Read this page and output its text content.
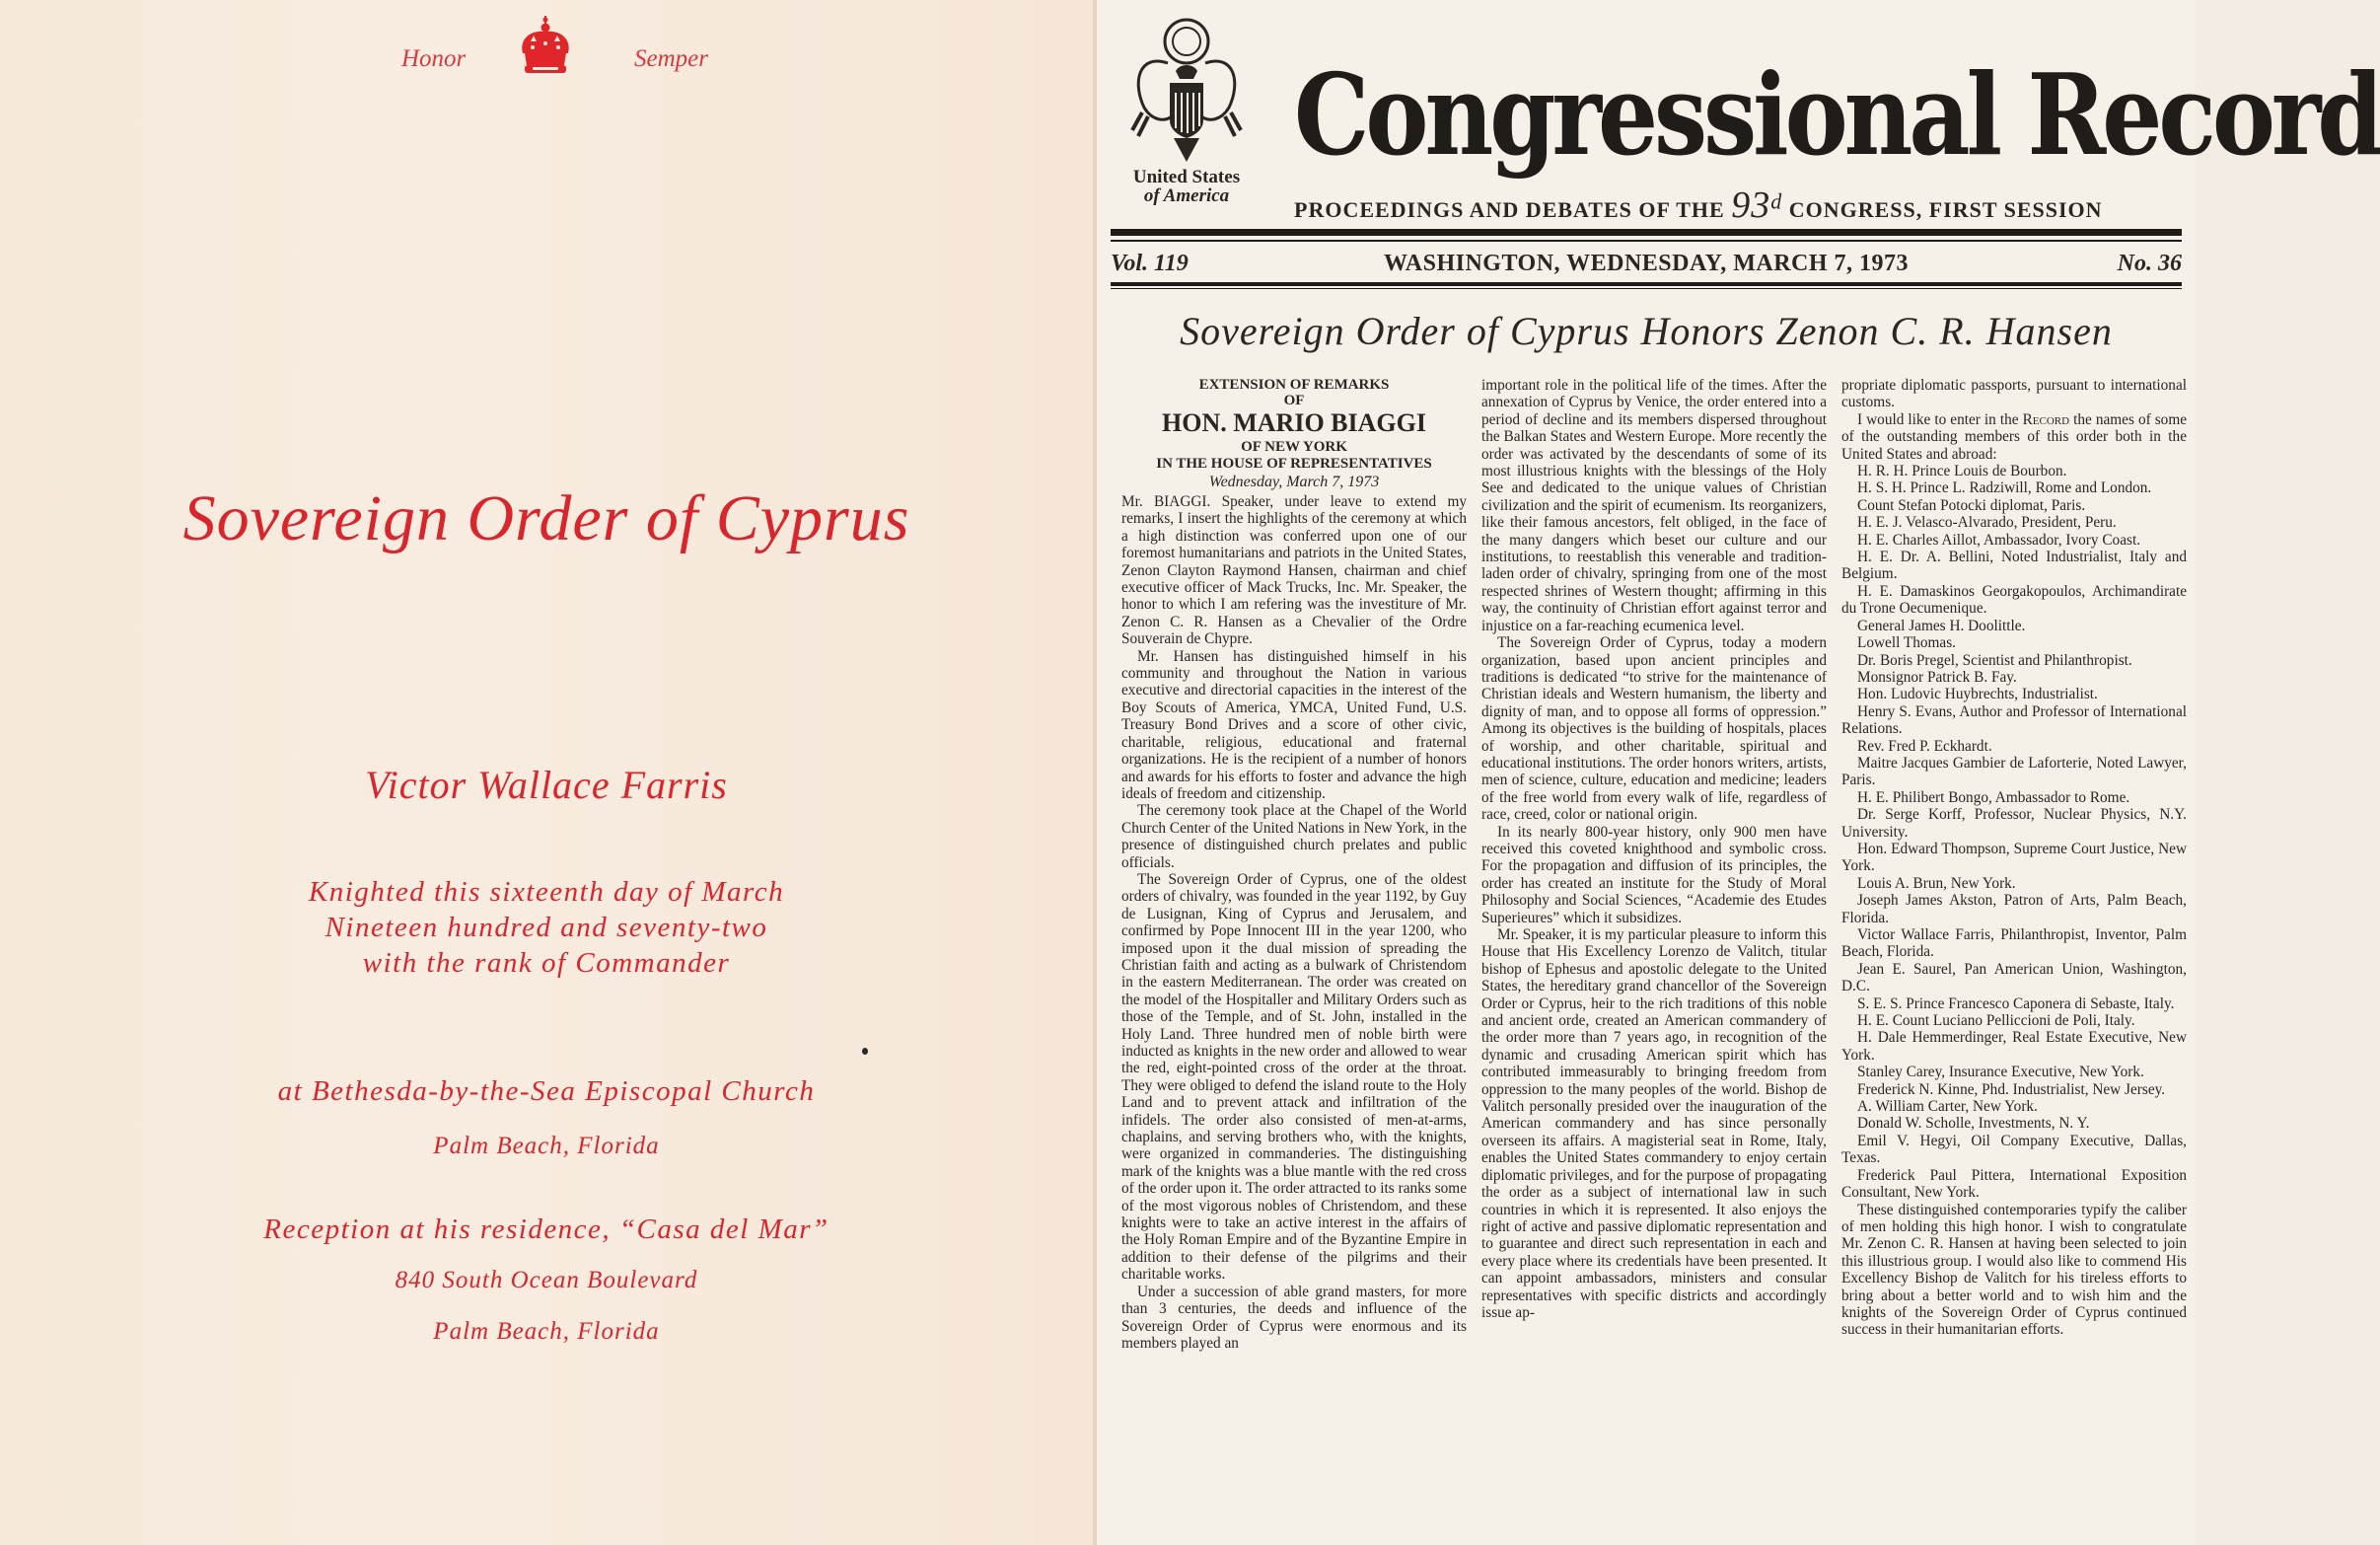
Honor	Semper
Sovereign Order of Cyprus
Victor Wallace Farris
Knighted this sixteenth day of March
Nineteen hundred and seventy-two
with the rank of Commander
at Bethesda-by-the-Sea Episcopal Church
Palm Beach, Florida
Reception at his residence, “Casa del Mar”
840 South Ocean Boulevard
Palm Beach, Florida
United States
of America
Congressional Record
PROCEEDINGS AND DEBATES OF THE 93$^d$ CONGRESS, FIRST SESSION
Vol. 119	WASHINGTON, WEDNESDAY, MARCH 7, 1973	No. 36
Sovereign Order of Cyprus Honors Zenon C. R. Hansen
EXTENSION OF REMARKS
OF
HON. MARIO BIAGGI
OF NEW YORK
IN THE HOUSE OF REPRESENTATIVES
Wednesday, March 7, 1973

Mr. BIAGGI. Speaker, under leave to extend my remarks, I insert the highlights of the ceremony at which a high distinction was conferred upon one of our foremost humanitarians and patriots in the United States, Zenon Clayton Raymond Hansen, chairman and chief executive officer of Mack Trucks, Inc. Mr. Speaker, the honor to which I am refering was the investiture of Mr. Zenon C. R. Hansen as a Chevalier of the Ordre Souverain de Chypre.

Mr. Hansen has distinguished himself in his community and throughout the Nation in various executive and directorial capacities in the interest of the Boy Scouts of America, YMCA, United Fund, U.S. Treasury Bond Drives and a score of other civic, charitable, religious, educational and fraternal organizations. He is the recipient of a number of honors and awards for his efforts to foster and advance the high ideals of freedom and citizenship.

The ceremony took place at the Chapel of the World Church Center of the United Nations in New York, in the presence of distinguished church prelates and public officials.

The Sovereign Order of Cyprus, one of the oldest orders of chivalry, was founded in the year 1192, by Guy de Lusignan, King of Cyprus and Jerusalem, and confirmed by Pope Innocent III in the year 1200, who imposed upon it the dual mission of spreading the Christian faith and acting as a bulwark of Christendom in the eastern Mediterranean. The order was created on the model of the Hospitaller and Military Orders such as those of the Temple, and of St. John, installed in the Holy Land. Three hundred men of noble birth were inducted as knights in the new order and allowed to wear the red, eight-pointed cross of the order at the throat. They were obliged to defend the island route to the Holy Land and to prevent attack and infiltration of the infidels. The order also consisted of men-at-arms, chaplains, and serving brothers who, with the knights, were organized in commanderies. The distinguishing mark of the knights was a blue mantle with the red cross of the order upon it. The order attracted to its ranks some of the most vigorous nobles of Christendom, and these knights were to take an active interest in the affairs of the Holy Roman Empire and of the Byzantine Empire in addition to their defense of the pilgrims and their charitable works.

Under a succession of able grand masters, for more than 3 centuries, the deeds and influence of the Sovereign Order of Cyprus were enormous and its members played an

important role in the political life of the times. After the annexation of Cyprus by Venice, the order entered into a period of decline and its members dispersed throughout the Balkan States and Western Europe. More recently the order was activated by the descendants of some of its most illustrious knights with the blessings of the Holy See and dedicated to the unique values of Christian civilization and the spirit of ecumenism. Its reorganizers, like their famous ancestors, felt obliged, in the face of the many dangers which beset our culture and our institutions, to reestablish this venerable and tradition-laden order of chivalry, springing from one of the most respected shrines of Western thought; affirming in this way, the continuity of Christian effort against terror and injustice on a far-reaching ecumenica level.

The Sovereign Order of Cyprus, today a modern organization, based upon ancient principles and traditions is dedicated “to strive for the maintenance of Christian ideals and Western humanism, the liberty and dignity of man, and to oppose all forms of oppression.” Among its objectives is the building of hospitals, places of worship, and other charitable, spiritual and educational institutions. The order honors writers, artists, men of science, culture, education and medicine; leaders of the free world from every walk of life, regardless of race, creed, color or national origin.

In its nearly 800-year history, only 900 men have received this coveted knighthood and symbolic cross. For the propagation and diffusion of its principles, the order has created an institute for the Study of Moral Philosophy and Social Sciences, “Academie des Etudes Superieures” which it subsidizes.

Mr. Speaker, it is my particular pleasure to inform this House that His Excellency Lorenzo de Valitch, titular bishop of Ephesus and apostolic delegate to the United States, the hereditary grand chancellor of the Sovereign Order or Cyprus, heir to the rich traditions of this noble and ancient orde, created an American commandery of the order more than 7 years ago, in recognition of the dynamic and crusading American spirit which has contributed immeasurably to bringing freedom from oppression to the many peoples of the world. Bishop de Valitch personally presided over the inauguration of the American commandery and has since personally overseen its affairs. A magisterial seat in Rome, Italy, enables the United States commandery to enjoy certain diplomatic privileges, and for the purpose of propagating the order as a subject of international law in such countries in which it is represented. It also enjoys the right of active and passive diplomatic representation and to guarantee and direct such representation in each and every place where its credentials have been presented. It can appoint ambassadors, ministers and consular representatives with specific districts and accordingly issue ap-

propriate diplomatic passports, pursuant to international customs.

I would like to enter in the Record the names of some of the outstanding members of this order both in the United States and abroad:

H. R. H. Prince Louis de Bourbon.

H. S. H. Prince L. Radziwill, Rome and London.

Count Stefan Potocki diplomat, Paris.

H. E. J. Velasco-Alvarado, President, Peru.

H. E. Charles Aillot, Ambassador, Ivory Coast.

H. E. Dr. A. Bellini, Noted Industrialist, Italy and Belgium.

H. E. Damaskinos Georgakopoulos, Archimandirate du Trone Oecumenique.

General James H. Doolittle.

Lowell Thomas.

Dr. Boris Pregel, Scientist and Philanthropist.

Monsignor Patrick B. Fay.

Hon. Ludovic Huybrechts, Industrialist.

Henry S. Evans, Author and Professor of International Relations.

Rev. Fred P. Eckhardt.

Maitre Jacques Gambier de Laforterie, Noted Lawyer, Paris.

H. E. Philibert Bongo, Ambassador to Rome.

Dr. Serge Korff, Professor, Nuclear Physics, N.Y. University.

Hon. Edward Thompson, Supreme Court Justice, New York.

Louis A. Brun, New York.

Joseph James Akston, Patron of Arts, Palm Beach, Florida.

Victor Wallace Farris, Philanthropist, Inventor, Palm Beach, Florida.

Jean E. Saurel, Pan American Union, Washington, D.C.

S. E. S. Prince Francesco Caponera di Sebaste, Italy.

H. E. Count Luciano Pelliccioni de Poli, Italy.

H. Dale Hemmerdinger, Real Estate Executive, New York.

Stanley Carey, Insurance Executive, New York.

Frederick N. Kinne, Phd. Industrialist, New Jersey.

A. William Carter, New York.

Donald W. Scholle, Investments, N. Y.

Emil V. Hegyi, Oil Company Executive, Dallas, Texas.

Frederick Paul Pittera, International Exposition Consultant, New York.

These distinguished contemporaries typify the caliber of men holding this high honor. I wish to congratulate Mr. Zenon C. R. Hansen at having been selected to join this illustrious group. I would also like to commend His Excellency Bishop de Valitch for his tireless efforts to bring about a better world and to wish him and the knights of the Sovereign Order of Cyprus continued success in their humanitarian efforts.
